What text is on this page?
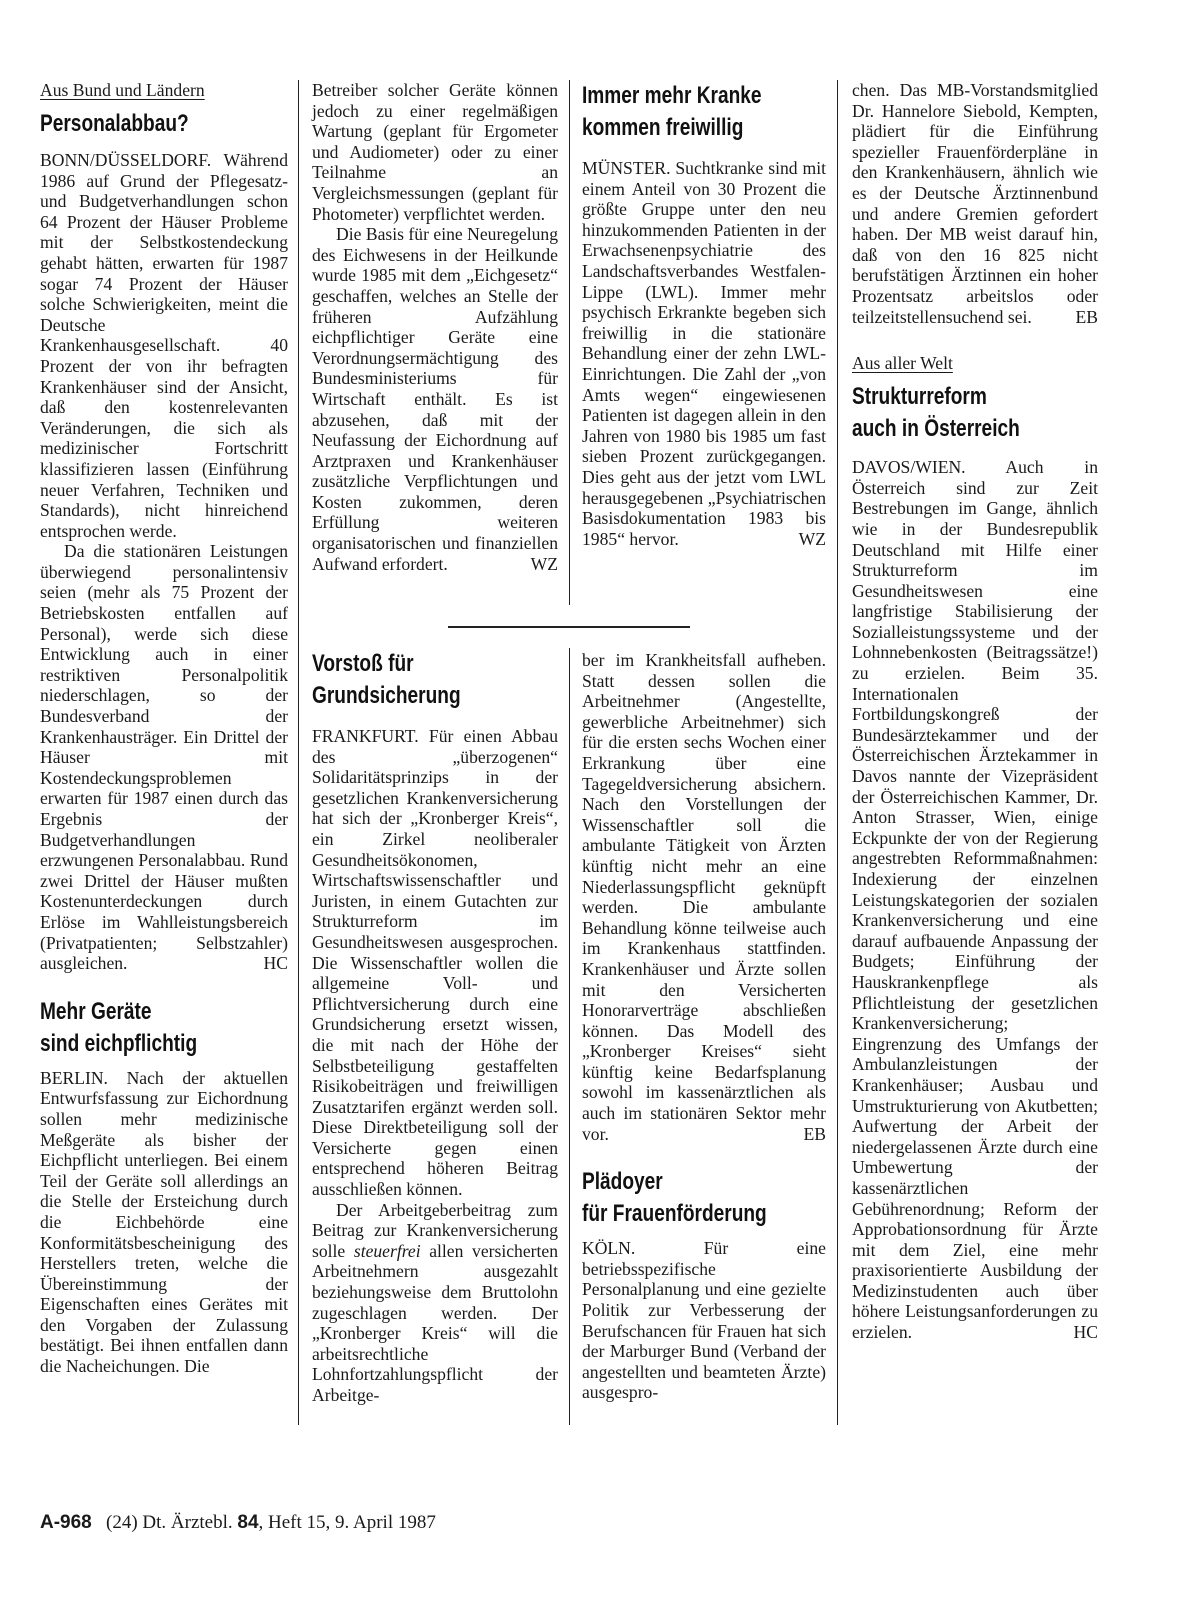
Aus Bund und Ländern
Personalabbau?

BONN/DÜSSELDORF. Während 1986 auf Grund der Pflegesatz- und Budgetverhandlungen schon 64 Prozent der Häuser Probleme mit der Selbstkostendeckung gehabt hätten, erwarten für 1987 sogar 74 Prozent der Häuser solche Schwierigkeiten, meint die Deutsche Krankenhausgesellschaft. 40 Prozent der von ihr befragten Krankenhäuser sind der Ansicht, daß den kostenrelevanten Veränderungen, die sich als medizinischer Fortschritt klassifizieren lassen (Einführung neuer Verfahren, Techniken und Standards), nicht hinreichend entsprochen werde.

Da die stationären Leistungen überwiegend personalintensiv seien (mehr als 75 Prozent der Betriebskosten entfallen auf Personal), werde sich diese Entwicklung auch in einer restriktiven Personalpolitik niederschlagen, so der Bundesverband der Krankenhausträger. Ein Drittel der Häuser mit Kostendeckungsproblemen erwarten für 1987 einen durch das Ergebnis der Budgetverhandlungen erzwungenen Personalabbau. Rund zwei Drittel der Häuser mußten Kostenunterdeckungen durch Erlöse im Wahlleistungsbereich (Privatpatienten; Selbstzahler) ausgleichen.	HC

Mehr Geräte
sind eichpflichtig

BERLIN. Nach der aktuellen Entwurfsfassung zur Eichordnung sollen mehr medizinische Meßgeräte als bisher der Eichpflicht unterliegen. Bei einem Teil der Geräte soll allerdings an die Stelle der Ersteichung durch die Eichbehörde eine Konformitätsbescheinigung des Herstellers treten, welche die Übereinstimmung der Eigenschaften eines Gerätes mit den Vorgaben der Zulassung bestätigt. Bei ihnen entfallen dann die Nacheichungen. Die

Betreiber solcher Geräte können jedoch zu einer regelmäßigen Wartung (geplant für Ergometer und Audiometer) oder zu einer Teilnahme an Vergleichsmessungen (geplant für Photometer) verpflichtet werden.

Die Basis für eine Neuregelung des Eichwesens in der Heilkunde wurde 1985 mit dem „Eichgesetz“ geschaffen, welches an Stelle der früheren Aufzählung eichpflichtiger Geräte eine Verordnungsermächtigung des Bundesministeriums für Wirtschaft enthält. Es ist abzusehen, daß mit der Neufassung der Eichordnung auf Arztpraxen und Krankenhäuser zusätzliche Verpflichtungen und Kosten zukommen, deren Erfüllung weiteren organisatorischen und finanziellen Aufwand erfordert.	WZ

Immer mehr Kranke
kommen freiwillig

MÜNSTER. Suchtkranke sind mit einem Anteil von 30 Prozent die größte Gruppe unter den neu hinzukommenden Patienten in der Erwachsenenpsychiatrie des Landschaftsverbandes Westfalen-Lippe (LWL). Immer mehr psychisch Erkrankte begeben sich freiwillig in die stationäre Behandlung einer der zehn LWL-Einrichtungen. Die Zahl der „von Amts wegen“ eingewiesenen Patienten ist dagegen allein in den Jahren von 1980 bis 1985 um fast sieben Prozent zurückgegangen. Dies geht aus der jetzt vom LWL herausgegebenen „Psychiatrischen Basisdokumentation 1983 bis 1985“ hervor.	WZ

Vorstoß für
Grundsicherung

FRANKFURT. Für einen Abbau des „überzogenen“ Solidaritätsprinzips in der gesetzlichen Krankenversicherung hat sich der „Kronberger Kreis“, ein Zirkel neoliberaler Gesundheitsökonomen, Wirtschaftswissenschaftler und Juristen, in einem Gutachten zur Strukturreform im Gesundheitswesen ausgesprochen. Die Wissenschaftler wollen die allgemeine Voll- und Pflichtversicherung durch eine Grundsicherung ersetzt wissen, die mit nach der Höhe der Selbstbeteiligung gestaffelten Risikobeiträgen und freiwilligen Zusatztarifen ergänzt werden soll. Diese Direktbeteiligung soll der Versicherte gegen einen entsprechend höheren Beitrag ausschließen können.

Der Arbeitgeberbeitrag zum Beitrag zur Krankenversicherung solle steuerfrei allen versicherten Arbeitnehmern ausgezahlt beziehungsweise dem Bruttolohn zugeschlagen werden. Der „Kronberger Kreis“ will die arbeitsrechtliche Lohnfortzahlungspflicht der Arbeitge-

ber im Krankheitsfall aufheben. Statt dessen sollen die Arbeitnehmer (Angestellte, gewerbliche Arbeitnehmer) sich für die ersten sechs Wochen einer Erkrankung über eine Tagegeldversicherung absichern. Nach den Vorstellungen der Wissenschaftler soll die ambulante Tätigkeit von Ärzten künftig nicht mehr an eine Niederlassungspflicht geknüpft werden. Die ambulante Behandlung könne teilweise auch im Krankenhaus stattfinden. Krankenhäuser und Ärzte sollen mit den Versicherten Honorarverträge abschließen können. Das Modell des „Kronberger Kreises“ sieht künftig keine Bedarfsplanung sowohl im kassenärztlichen als auch im stationären Sektor mehr vor.	EB

Plädoyer
für Frauenförderung

KÖLN. Für eine betriebsspezifische Personalplanung und eine gezielte Politik zur Verbesserung der Berufschancen für Frauen hat sich der Marburger Bund (Verband der angestellten und beamteten Ärzte) ausgespro-

chen. Das MB-Vorstandsmitglied Dr. Hannelore Siebold, Kempten, plädiert für die Einführung spezieller Frauenförderpläne in den Krankenhäusern, ähnlich wie es der Deutsche Ärztinnenbund und andere Gremien gefordert haben. Der MB weist darauf hin, daß von den 16 825 nicht berufstätigen Ärztinnen ein hoher Prozentsatz arbeitslos oder teilzeitstellensuchend sei. EB

Aus aller Welt
Strukturreform
auch in Österreich

DAVOS/WIEN. Auch in Österreich sind zur Zeit Bestrebungen im Gange, ähnlich wie in der Bundesrepublik Deutschland mit Hilfe einer Strukturreform im Gesundheitswesen eine langfristige Stabilisierung der Sozialleistungssysteme und der Lohnnebenkosten (Beitragssätze!) zu erzielen. Beim 35. Internationalen Fortbildungskongreß der Bundesärztekammer und der Österreichischen Ärztekammer in Davos nannte der Vizepräsident der Österreichischen Kammer, Dr. Anton Strasser, Wien, einige Eckpunkte der von der Regierung angestrebten Reformmaßnahmen: Indexierung der einzelnen Leistungskategorien der sozialen Krankenversicherung und eine darauf aufbauende Anpassung der Budgets; Einführung der Hauskrankenpflege als Pflichtleistung der gesetzlichen Krankenversicherung; Eingrenzung des Umfangs der Ambulanzleistungen der Krankenhäuser; Ausbau und Umstrukturierung von Akutbetten; Aufwertung der Arbeit der niedergelassenen Ärzte durch eine Umbewertung der kassenärztlichen Gebührenordnung; Reform der Approbationsordnung für Ärzte mit dem Ziel, eine mehr praxisorientierte Ausbildung der Medizinstudenten auch über höhere Leistungsanforderungen zu erzielen.	HC

A-968 (24) Dt. Ärztebl. 84, Heft 15, 9. April 1987
